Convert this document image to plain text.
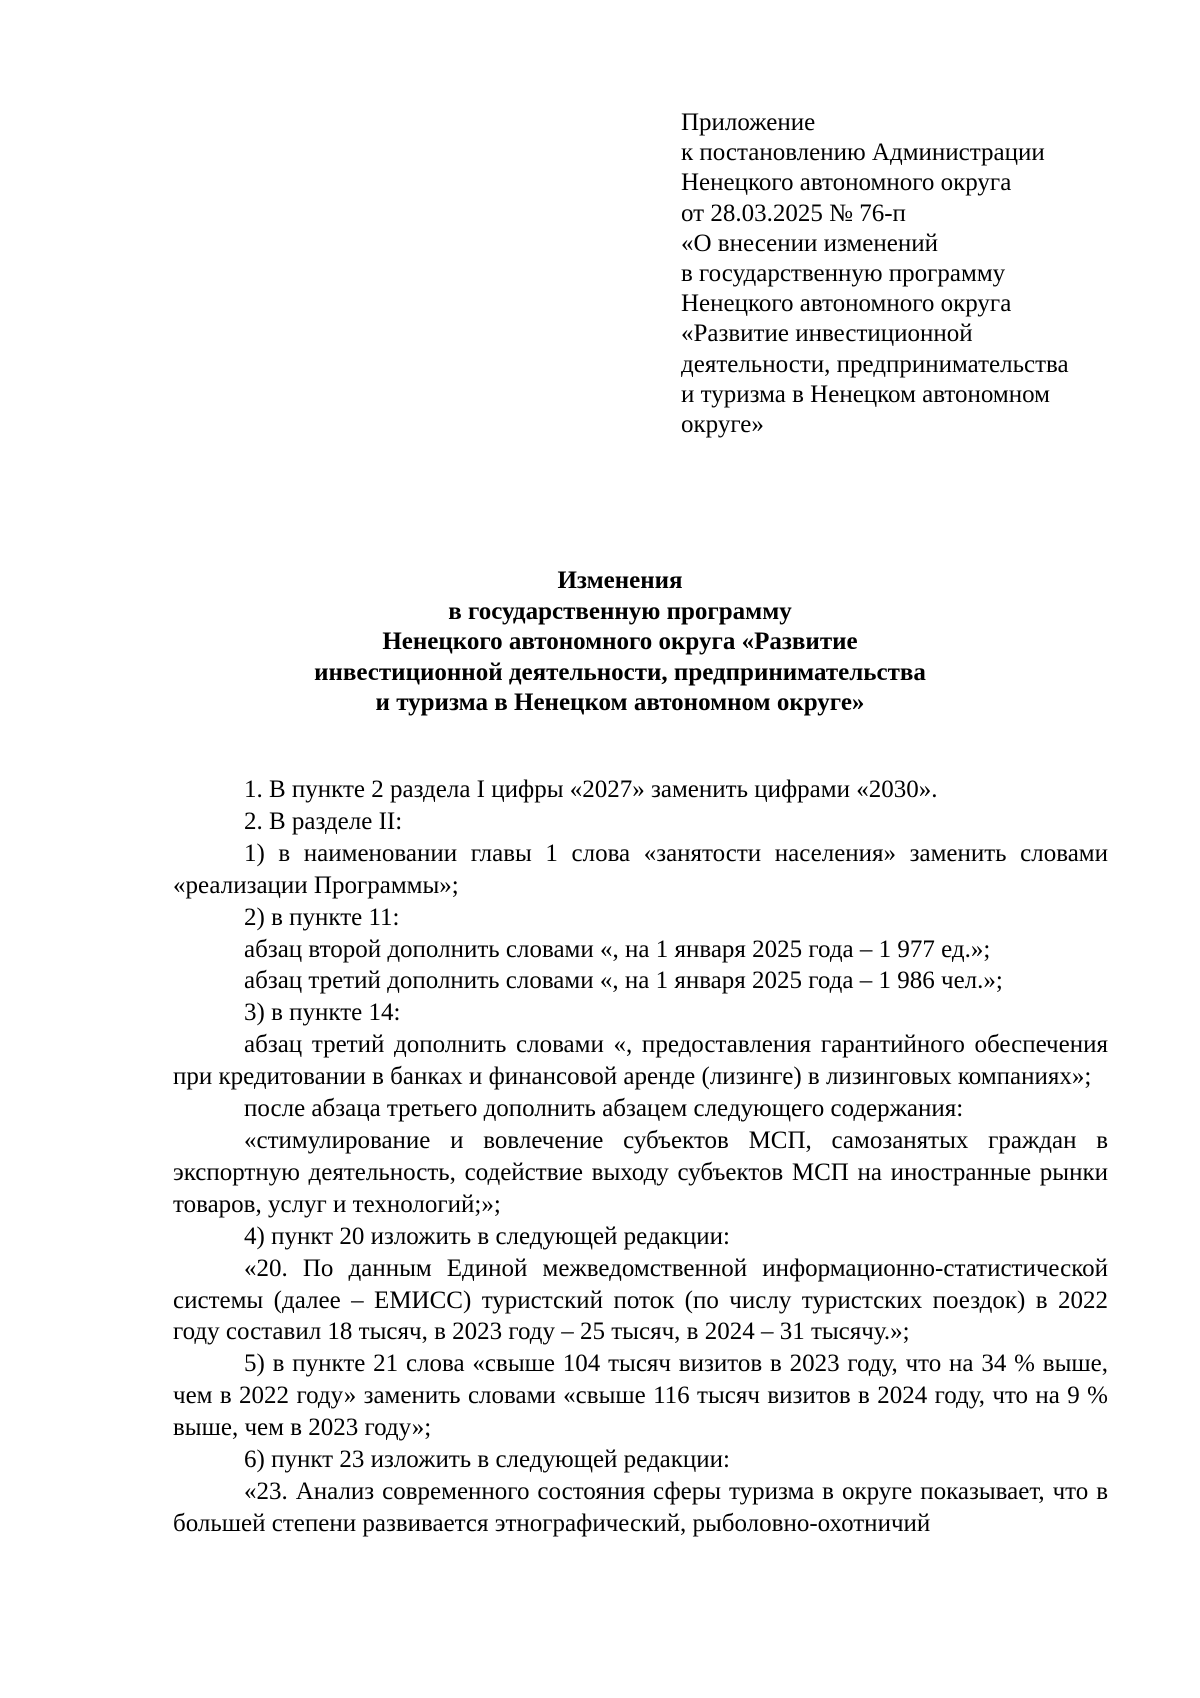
Приложение
к постановлению Администрации
Ненецкого автономного округа
от 28.03.2025 № 76-п
«О внесении изменений
в государственную программу
Ненецкого автономного округа
«Развитие инвестиционной
деятельности, предпринимательства
и туризма в Ненецком автономном
округе»
Изменения
в государственную программу
Ненецкого автономного округа «Развитие
инвестиционной деятельности, предпринимательства
и туризма в Ненецком автономном округе»

1. В пункте 2 раздела I цифры «2027» заменить цифрами «2030».

2. В разделе II:

1) в наименовании главы 1 слова «занятости населения» заменить словами «реализации Программы»;

2) в пункте 11:

абзац второй дополнить словами «, на 1 января 2025 года – 1 977 ед.»;

абзац третий дополнить словами «, на 1 января 2025 года – 1 986 чел.»;

3) в пункте 14:

абзац третий дополнить словами «, предоставления гарантийного обеспечения при кредитовании в банках и финансовой аренде (лизинге) в лизинговых компаниях»;

после абзаца третьего дополнить абзацем следующего содержания:

«стимулирование и вовлечение субъектов МСП, самозанятых граждан в экспортную деятельность, содействие выходу субъектов МСП на иностранные рынки товаров, услуг и технологий;»;

4) пункт 20 изложить в следующей редакции:

«20. По данным Единой межведомственной информационно-статистической системы (далее – ЕМИСС) туристский поток (по числу туристских поездок) в 2022 году составил 18 тысяч, в 2023 году – 25 тысяч, в 2024 – 31 тысячу.»;

5) в пункте 21 слова «свыше 104 тысяч визитов в 2023 году, что на 34 % выше, чем в 2022 году» заменить словами «свыше 116 тысяч визитов в 2024 году, что на 9 % выше, чем в 2023 году»;

6) пункт 23 изложить в следующей редакции:

«23. Анализ современного состояния сферы туризма в округе показывает, что в большей степени развивается этнографический, рыболовно-охотничий
